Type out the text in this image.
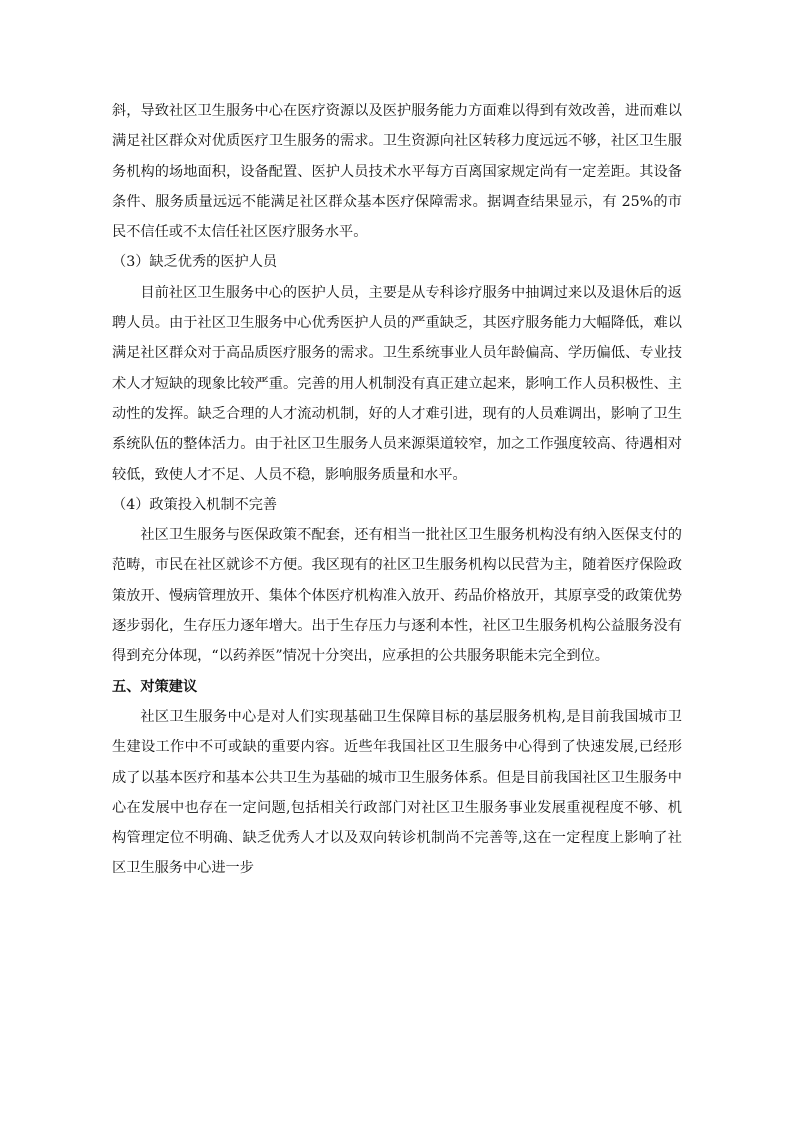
斜，导致社区卫生服务中心在医疗资源以及医护服务能力方面难以得到有效改善，进而难以满足社区群众对优质医疗卫生服务的需求。卫生资源向社区转移力度远远不够，社区卫生服务机构的场地面积，设备配置、医护人员技术水平每方百离国家规定尚有一定差距。其设备条件、服务质量远远不能满足社区群众基本医疗保障需求。据调查结果显示，有 25%的市民不信任或不太信任社区医疗服务水平。

（3）缺乏优秀的医护人员

目前社区卫生服务中心的医护人员，主要是从专科诊疗服务中抽调过来以及退休后的返聘人员。由于社区卫生服务中心优秀医护人员的严重缺乏，其医疗服务能力大幅降低，难以满足社区群众对于高品质医疗服务的需求。卫生系统事业人员年龄偏高、学历偏低、专业技术人才短缺的现象比较严重。完善的用人机制没有真正建立起来，影响工作人员积极性、主动性的发挥。缺乏合理的人才流动机制，好的人才难引进，现有的人员难调出，影响了卫生系统队伍的整体活力。由于社区卫生服务人员来源渠道较窄，加之工作强度较高、待遇相对较低，致使人才不足、人员不稳，影响服务质量和水平。

（4）政策投入机制不完善

社区卫生服务与医保政策不配套，还有相当一批社区卫生服务机构没有纳入医保支付的范畴，市民在社区就诊不方便。我区现有的社区卫生服务机构以民营为主，随着医疗保险政策放开、慢病管理放开、集体个体医疗机构准入放开、药品价格放开，其原享受的政策优势逐步弱化，生存压力逐年增大。出于生存压力与逐利本性，社区卫生服务机构公益服务没有得到充分体现，“以药养医”情况十分突出，应承担的公共服务职能未完全到位。

五、对策建议

社区卫生服务中心是对人们实现基础卫生保障目标的基层服务机构,是目前我国城市卫生建设工作中不可或缺的重要内容。近些年我国社区卫生服务中心得到了快速发展,已经形成了以基本医疗和基本公共卫生为基础的城市卫生服务体系。但是目前我国社区卫生服务中心在发展中也存在一定问题,包括相关行政部门对社区卫生服务事业发展重视程度不够、机构管理定位不明确、缺乏优秀人才以及双向转诊机制尚不完善等,这在一定程度上影响了社区卫生服务中心进一步
